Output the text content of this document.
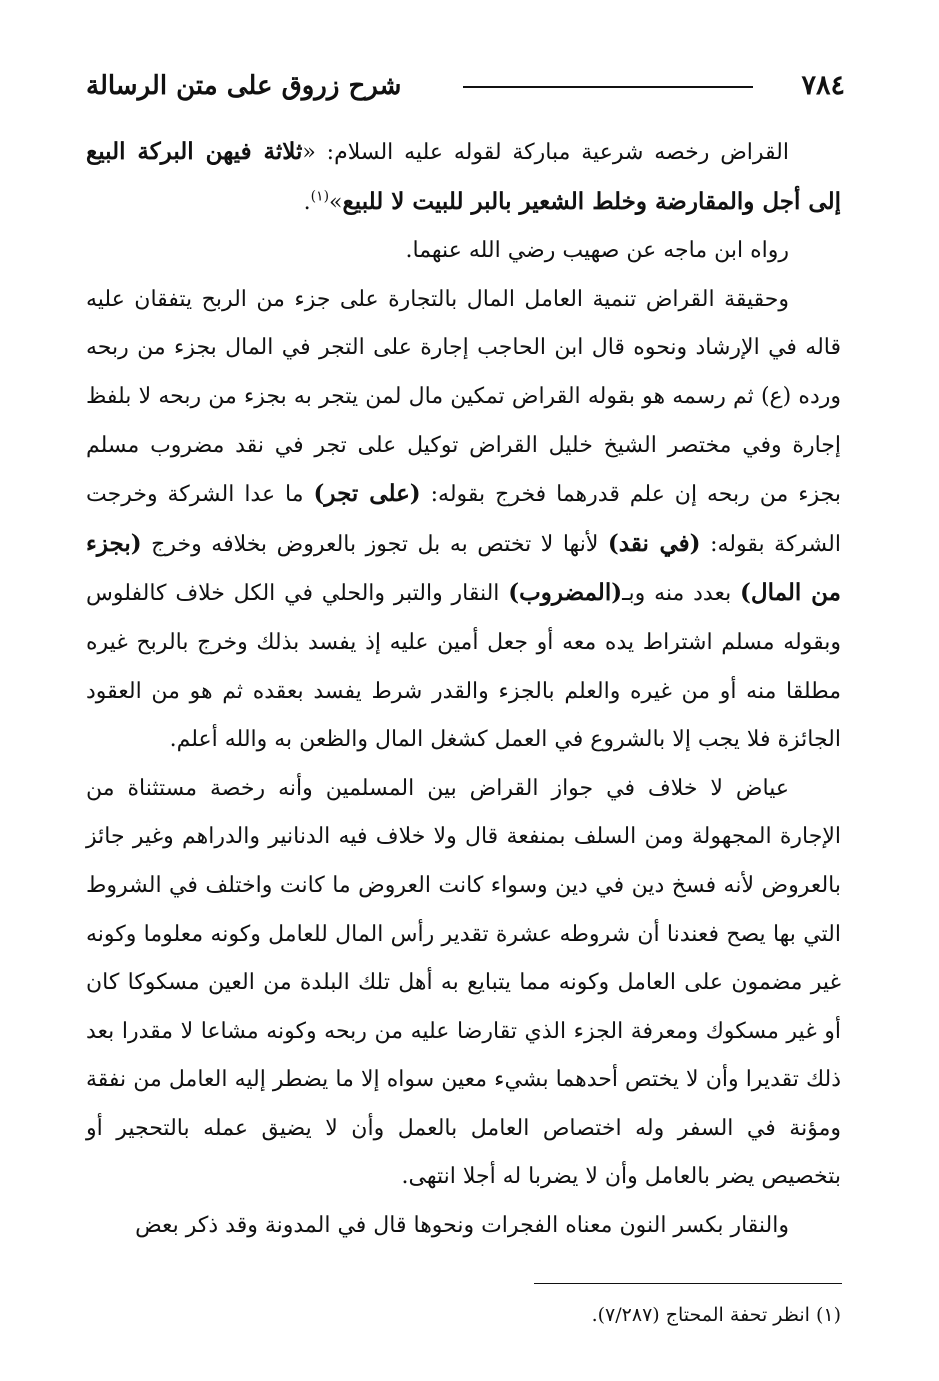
٧٨٤
شرح زروق على متن الرسالة

القراض رخصه شرعية مباركة لقوله عليه السلام: «ثلاثة فيهن البركة البيع إلى أجل والمقارضة وخلط الشعير بالبر للبيت لا للبيع»$^{(١)}$.

رواه ابن ماجه عن صهيب رضي الله عنهما.

وحقيقة القراض تنمية العامل المال بالتجارة على جزء من الربح يتفقان عليه قاله في الإرشاد ونحوه قال ابن الحاجب إجارة على التجر في المال بجزء من ربحه ورده (ع) ثم رسمه هو بقوله القراض تمكين مال لمن يتجر به بجزء من ربحه لا بلفظ إجارة وفي مختصر الشيخ خليل القراض توكيل على تجر في نقد مضروب مسلم بجزء من ربحه إن علم قدرهما فخرج بقوله: (على تجر) ما عدا الشركة وخرجت الشركة بقوله: (في نقد) لأنها لا تختص به بل تجوز بالعروض بخلافه وخرج (بجزء من المال) بعدد منه وبـ(المضروب) النقار والتبر والحلي في الكل خلاف كالفلوس وبقوله مسلم اشتراط يده معه أو جعل أمين عليه إذ يفسد بذلك وخرج بالربح غيره مطلقا منه أو من غيره والعلم بالجزء والقدر شرط يفسد بعقده ثم هو من العقود الجائزة فلا يجب إلا بالشروع في العمل كشغل المال والظعن به والله أعلم.

عياض لا خلاف في جواز القراض بين المسلمين وأنه رخصة مستثناة من الإجارة المجهولة ومن السلف بمنفعة قال ولا خلاف فيه الدنانير والدراهم وغير جائز بالعروض لأنه فسخ دين في دين وسواء كانت العروض ما كانت واختلف في الشروط التي بها يصح فعندنا أن شروطه عشرة تقدير رأس المال للعامل وكونه معلوما وكونه غير مضمون على العامل وكونه مما يتبايع به أهل تلك البلدة من العين مسكوكا كان أو غير مسكوك ومعرفة الجزء الذي تقارضا عليه من ربحه وكونه مشاعا لا مقدرا بعد ذلك تقديرا وأن لا يختص أحدهما بشيء معين سواه إلا ما يضطر إليه العامل من نفقة ومؤنة في السفر وله اختصاص العامل بالعمل وأن لا يضيق عمله بالتحجير أو بتخصيص يضر بالعامل وأن لا يضربا له أجلا انتهى.

والنقار بكسر النون معناه الفجرات ونحوها قال في المدونة وقد ذكر بعض

(١) انظر تحفة المحتاج (٧/٢٨٧).
